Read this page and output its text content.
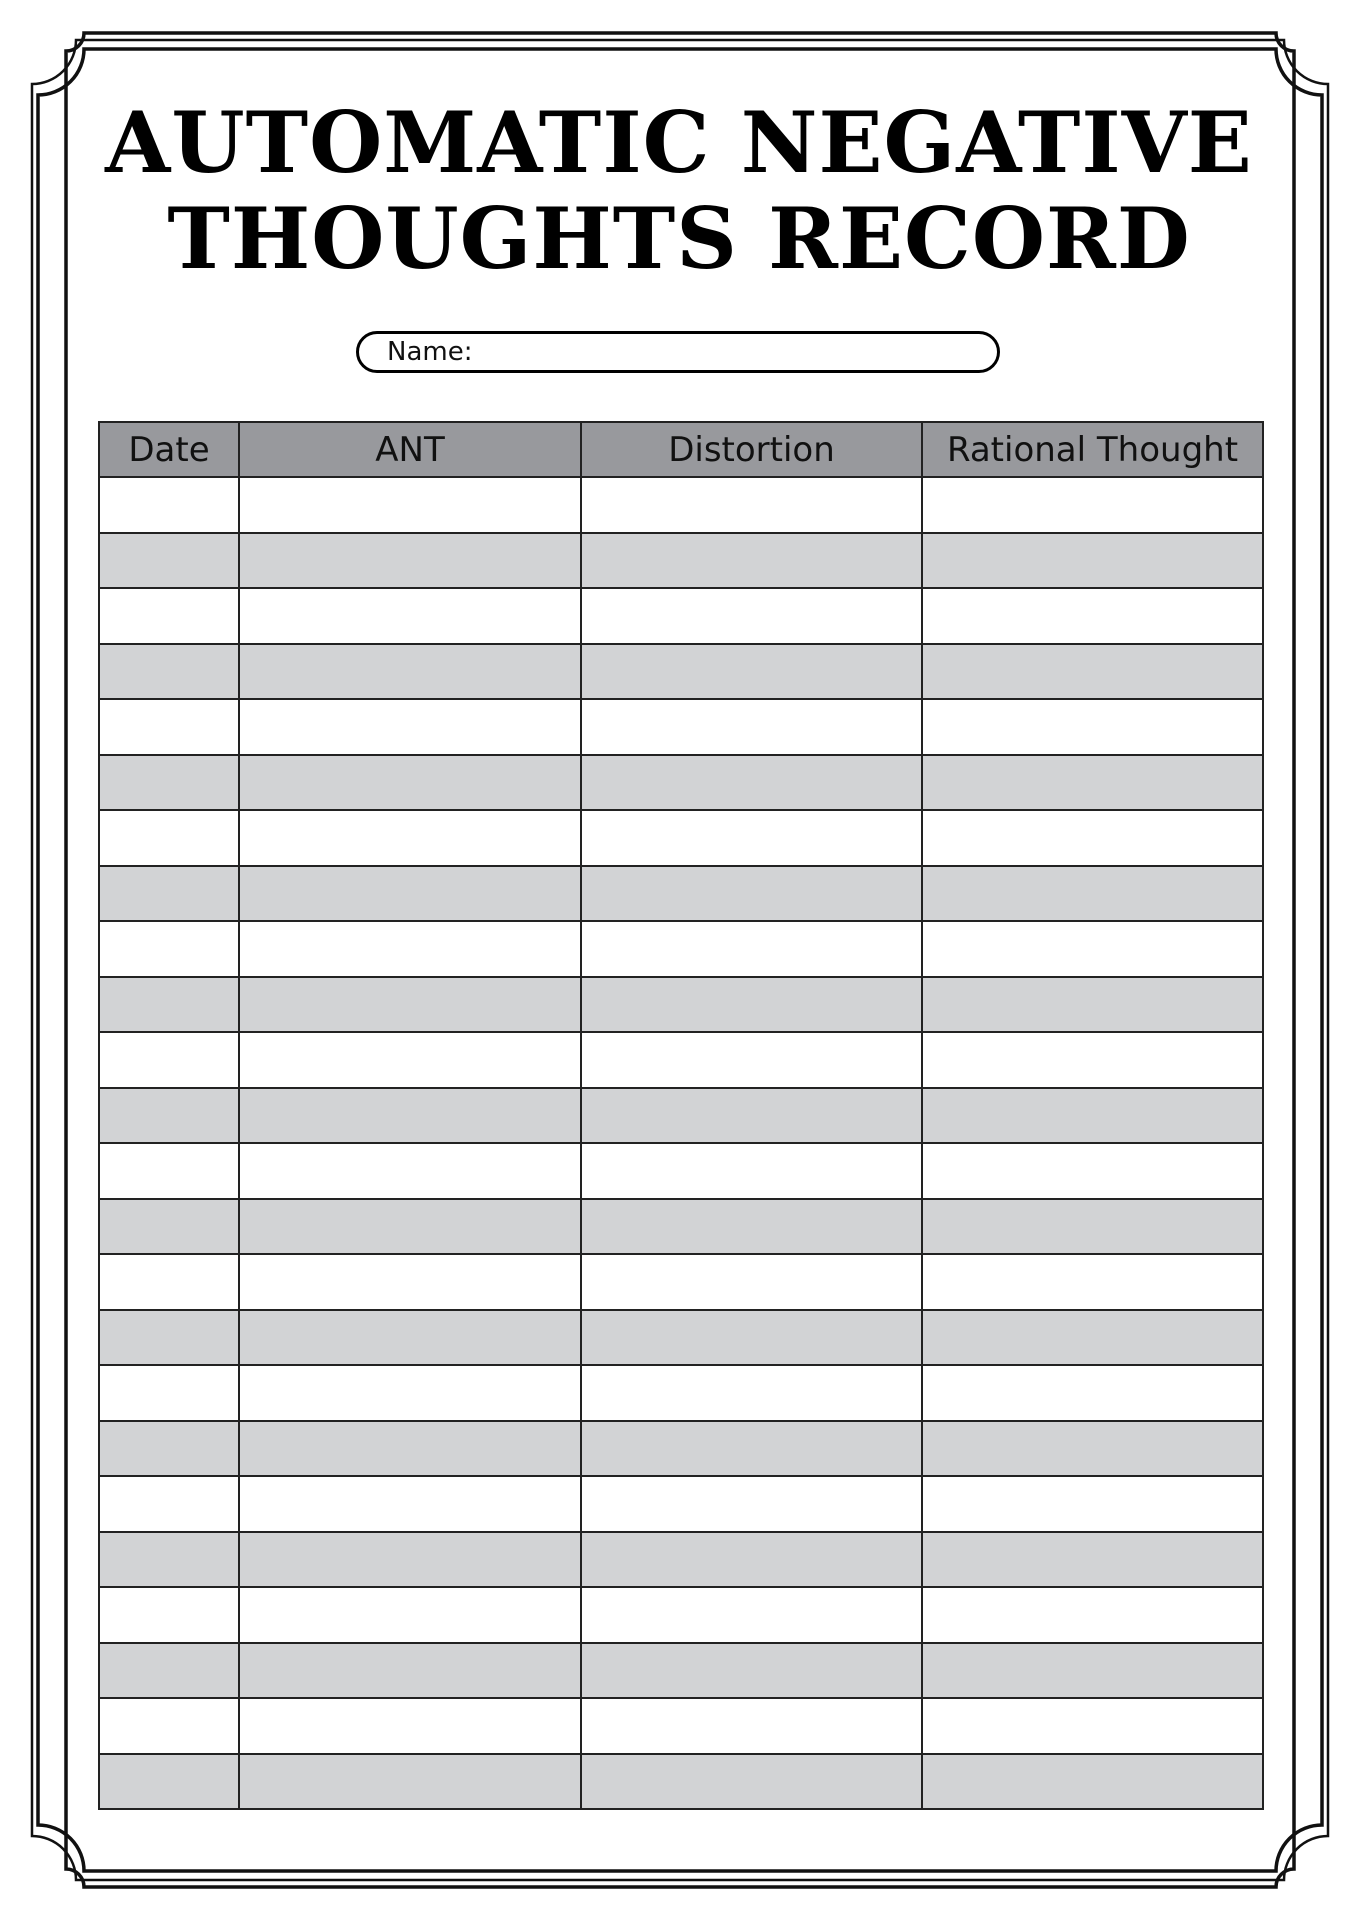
AUTOMATIC NEGATIVE
THOUGHTS RECORD
Name:
Date	ANT	Distortion	Rational Thought
